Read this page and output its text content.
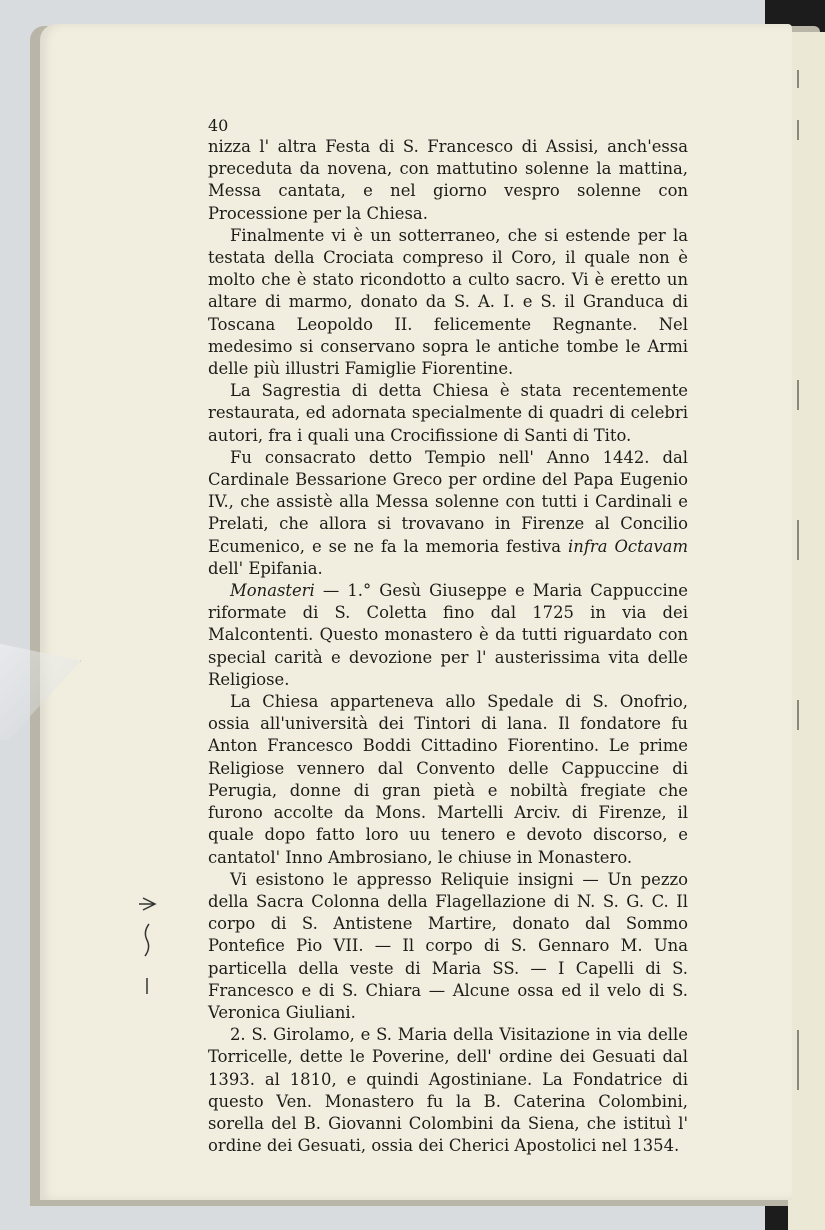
40

nizza l' altra Festa di S. Francesco di Assisi, anch'essa preceduta da novena, con mattutino solenne la mattina, Messa cantata, e nel giorno vespro solenne con Processione per la Chiesa.

Finalmente vi è un sotterraneo, che si estende per la testata della Crociata compreso il Coro, il quale non è molto che è stato ricondotto a culto sacro. Vi è eretto un altare di marmo, donato da S. A. I. e S. il Granduca di Toscana Leopoldo II. felicemente Regnante. Nel medesimo si conservano sopra le antiche tombe le Armi delle più illustri Famiglie Fiorentine.

La Sagrestia di detta Chiesa è stata recentemente restaurata, ed adornata specialmente di quadri di celebri autori, fra i quali una Crocifissione di Santi di Tito.

Fu consacrato detto Tempio nell' Anno 1442. dal Cardinale Bessarione Greco per ordine del Papa Eugenio IV., che assistè alla Messa solenne con tutti i Cardinali e Prelati, che allora si trovavano in Firenze al Concilio Ecumenico, e se ne fa la memoria festiva infra Octavam dell' Epifania.

Monasteri — 1.° Gesù Giuseppe e Maria Cappuccine riformate di S. Coletta fino dal 1725 in via dei Malcontenti. Questo monastero è da tutti riguardato con special carità e devozione per l' austerissima vita delle Religiose.

La Chiesa apparteneva allo Spedale di S. Onofrio, ossia all'università dei Tintori di lana. Il fondatore fu Anton Francesco Boddi Cittadino Fiorentino. Le prime Religiose vennero dal Convento delle Cappuccine di Perugia, donne di gran pietà e nobiltà fregiate che furono accolte da Mons. Martelli Arciv. di Firenze, il quale dopo fatto loro uu tenero e devoto discorso, e cantatol' Inno Ambrosiano, le chiuse in Monastero.

Vi esistono le appresso Reliquie insigni — Un pezzo della Sacra Colonna della Flagellazione di N. S. G. C. Il corpo di S. Antistene Martire, donato dal Sommo Pontefice Pio VII. — Il corpo di S. Gennaro M. Una particella della veste di Maria SS. — I Capelli di S. Francesco e di S. Chiara — Alcune ossa ed il velo di S. Veronica Giuliani.

2. S. Girolamo, e S. Maria della Visitazione in via delle Torricelle, dette le Poverine, dell' ordine dei Gesuati dal 1393. al 1810, e quindi Agostiniane. La Fondatrice di questo Ven. Monastero fu la B. Caterina Colombini, sorella del B. Giovanni Colombini da Siena, che istituì l' ordine dei Gesuati, ossia dei Cherici Apostolici nel 1354.
